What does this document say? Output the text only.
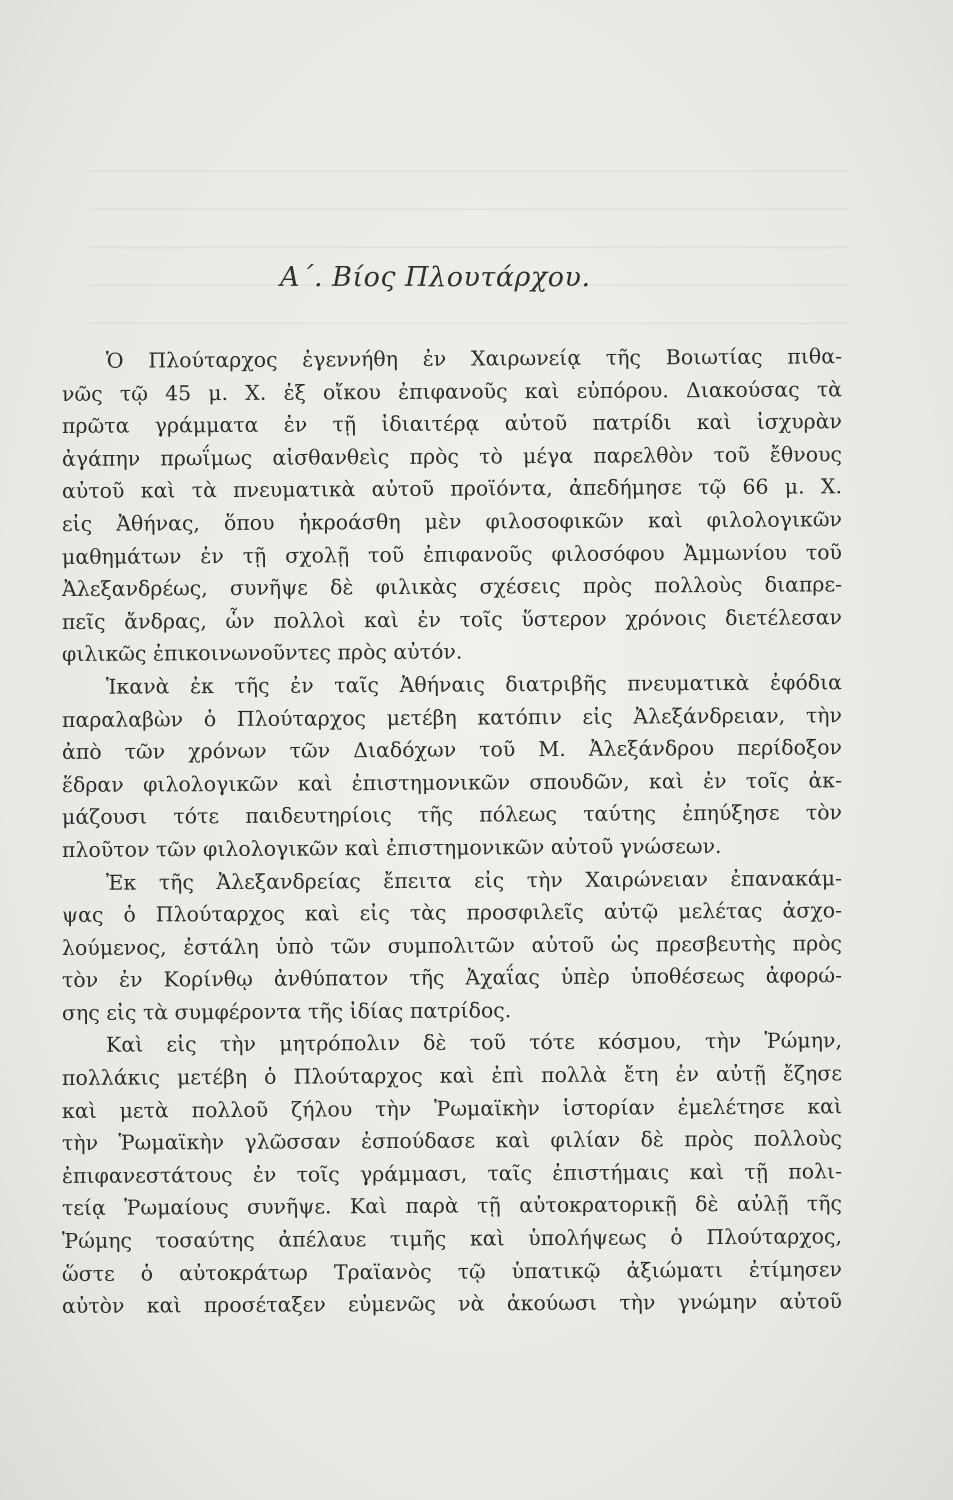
Α΄. Βίος Πλουτάρχου.
Ὁ Πλούταρχος ἐγεννήθη ἐν Χαιρωνείᾳ τῆς Βοιωτίας πιθα-
νῶς τῷ 45 μ. Χ. ἐξ οἴκου ἐπιφανοῦς καὶ εὐπόρου. Διακούσας τὰ
πρῶτα γράμματα ἐν τῇ ἰδιαιτέρᾳ αὐτοῦ πατρίδι καὶ ἰσχυρὰν
ἀγάπην πρωΐμως αἰσθανθεὶς πρὸς τὸ μέγα παρελθὸν τοῦ ἔθνους
αὐτοῦ καὶ τὰ πνευματικὰ αὐτοῦ προϊόντα, ἀπεδήμησε τῷ 66 μ. Χ.
εἰς Ἀθήνας, ὅπου ἠκροάσθη μὲν φιλοσοφικῶν καὶ φιλολογικῶν
μαθημάτων ἐν τῇ σχολῇ τοῦ ἐπιφανοῦς φιλοσόφου Ἀμμωνίου τοῦ
Ἀλεξανδρέως, συνῆψε δὲ φιλικὰς σχέσεις πρὸς πολλοὺς διαπρε-
πεῖς ἄνδρας, ὧν πολλοὶ καὶ ἐν τοῖς ὕστερον χρόνοις διετέλεσαν
φιλικῶς ἐπικοινωνοῦντες πρὸς αὐτόν.
Ἱκανὰ ἐκ τῆς ἐν ταῖς Ἀθήναις διατριβῆς πνευματικὰ ἐφόδια
παραλαβὼν ὁ Πλούταρχος μετέβη κατόπιν εἰς Ἀλεξάνδρειαν, τὴν
ἀπὸ τῶν χρόνων τῶν Διαδόχων τοῦ Μ. Ἀλεξάνδρου περίδοξον
ἕδραν φιλολογικῶν καὶ ἐπιστημονικῶν σπουδῶν, καὶ ἐν τοῖς ἀκ-
μάζουσι τότε παιδευτηρίοις τῆς πόλεως ταύτης ἐπηύξησε τὸν
πλοῦτον τῶν φιλολογικῶν καὶ ἐπιστημονικῶν αὐτοῦ γνώσεων.
Ἐκ τῆς Ἀλεξανδρείας ἔπειτα εἰς τὴν Χαιρώνειαν ἐπανακάμ-
ψας ὁ Πλούταρχος καὶ εἰς τὰς προσφιλεῖς αὐτῷ μελέτας ἀσχο-
λούμενος, ἐστάλη ὑπὸ τῶν συμπολιτῶν αὐτοῦ ὡς πρεσβευτὴς πρὸς
τὸν ἐν Κορίνθῳ ἀνθύπατον τῆς Ἀχαΐας ὑπὲρ ὑποθέσεως ἀφορώ-
σης εἰς τὰ συμφέροντα τῆς ἰδίας πατρίδος.
Καὶ εἰς τὴν μητρόπολιν δὲ τοῦ τότε κόσμου, τὴν Ῥώμην,
πολλάκις μετέβη ὁ Πλούταρχος καὶ ἐπὶ πολλὰ ἔτη ἐν αὐτῇ ἔζησε
καὶ μετὰ πολλοῦ ζήλου τὴν Ῥωμαϊκὴν ἱστορίαν ἐμελέτησε καὶ
τὴν Ῥωμαϊκὴν γλῶσσαν ἐσπούδασε καὶ φιλίαν δὲ πρὸς πολλοὺς
ἐπιφανεστάτους ἐν τοῖς γράμμασι, ταῖς ἐπιστήμαις καὶ τῇ πολι-
τείᾳ Ῥωμαίους συνῆψε. Καὶ παρὰ τῇ αὐτοκρατορικῇ δὲ αὐλῇ τῆς
Ῥώμης τοσαύτης ἀπέλαυε τιμῆς καὶ ὑπολήψεως ὁ Πλούταρχος,
ὥστε ὁ αὐτοκράτωρ Τραϊανὸς τῷ ὑπατικῷ ἀξιώματι ἐτίμησεν
αὐτὸν καὶ προσέταξεν εὐμενῶς νὰ ἀκούωσι τὴν γνώμην αὐτοῦ
